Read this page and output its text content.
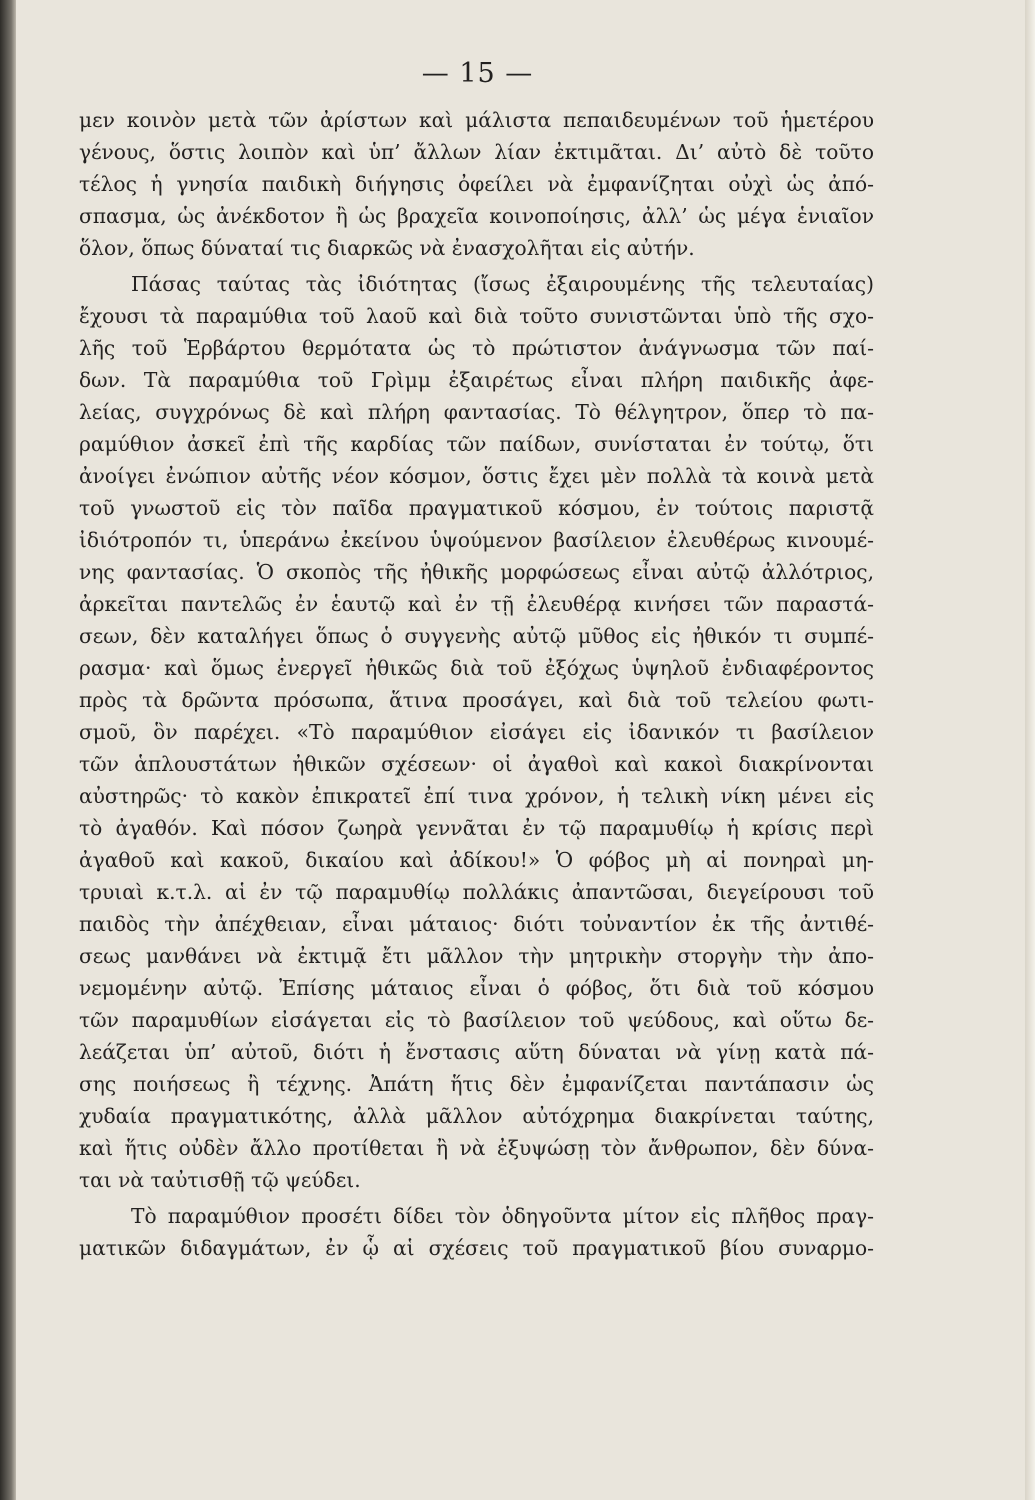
— 15 —
μεν κοινὸν μετὰ τῶν ἀρίστων καὶ μάλιστα πεπαιδευμένων τοῦ ἡμετέρου
γένους, ὅστις λοιπὸν καὶ ὑπ’ ἄλλων λίαν ἐκτιμᾶται. Δι’ αὐτὸ δὲ τοῦτο
τέλος ἡ γνησία παιδικὴ διήγησις ὀφείλει νὰ ἐμφανίζηται οὐχὶ ὡς ἀπό-
σπασμα, ὡς ἀνέκδοτον ἢ ὡς βραχεῖα κοινοποίησις, ἀλλ’ ὡς μέγα ἑνιαῖον
ὅλον, ὅπως δύναταί τις διαρκῶς νὰ ἐνασχολῆται εἰς αὐτήν.
Πάσας ταύτας τὰς ἰδιότητας (ἴσως ἐξαιρουμένης τῆς τελευταίας)
ἔχουσι τὰ παραμύθια τοῦ λαοῦ καὶ διὰ τοῦτο συνιστῶνται ὑπὸ τῆς σχο-
λῆς τοῦ Ἑρβάρτου θερμότατα ὡς τὸ πρώτιστον ἀνάγνωσμα τῶν παί-
δων. Τὰ παραμύθια τοῦ Γρὶμμ ἐξαιρέτως εἶναι πλήρη παιδικῆς ἀφε-
λείας, συγχρόνως δὲ καὶ πλήρη φαντασίας. Τὸ θέλγητρον, ὅπερ τὸ πα-
ραμύθιον ἀσκεῖ ἐπὶ τῆς καρδίας τῶν παίδων, συνίσταται ἐν τούτῳ, ὅτι
ἀνοίγει ἐνώπιον αὐτῆς νέον κόσμον, ὅστις ἔχει μὲν πολλὰ τὰ κοινὰ μετὰ
τοῦ γνωστοῦ εἰς τὸν παῖδα πραγματικοῦ κόσμου, ἐν τούτοις παριστᾷ
ἰδιότροπόν τι, ὑπεράνω ἐκείνου ὑψούμενον βασίλειον ἐλευθέρως κινουμέ-
νης φαντασίας. Ὁ σκοπὸς τῆς ἠθικῆς μορφώσεως εἶναι αὐτῷ ἀλλότριος,
ἀρκεῖται παντελῶς ἐν ἑαυτῷ καὶ ἐν τῇ ἐλευθέρᾳ κινήσει τῶν παραστά-
σεων, δὲν καταλήγει ὅπως ὁ συγγενὴς αὐτῷ μῦθος εἰς ἠθικόν τι συμπέ-
ρασμα· καὶ ὅμως ἐνεργεῖ ἠθικῶς διὰ τοῦ ἐξόχως ὑψηλοῦ ἐνδιαφέροντος
πρὸς τὰ δρῶντα πρόσωπα, ἅτινα προσάγει, καὶ διὰ τοῦ τελείου φωτι-
σμοῦ, ὃν παρέχει. «Τὸ παραμύθιον εἰσάγει εἰς ἰδανικόν τι βασίλειον
τῶν ἁπλουστάτων ἠθικῶν σχέσεων· οἱ ἀγαθοὶ καὶ κακοὶ διακρίνονται
αὐστηρῶς· τὸ κακὸν ἐπικρατεῖ ἐπί τινα χρόνον, ἡ τελικὴ νίκη μένει εἰς
τὸ ἀγαθόν. Καὶ πόσον ζωηρὰ γεννᾶται ἐν τῷ παραμυθίῳ ἡ κρίσις περὶ
ἀγαθοῦ καὶ κακοῦ, δικαίου καὶ ἀδίκου!» Ὁ φόβος μὴ αἱ πονηραὶ μη-
τρυιαὶ κ.τ.λ. αἱ ἐν τῷ παραμυθίῳ πολλάκις ἀπαντῶσαι, διεγείρουσι τοῦ
παιδὸς τὴν ἀπέχθειαν, εἶναι μάταιος· διότι τοὐναντίον ἐκ τῆς ἀντιθέ-
σεως μανθάνει νὰ ἐκτιμᾷ ἔτι μᾶλλον τὴν μητρικὴν στοργὴν τὴν ἀπο-
νεμομένην αὐτῷ. Ἐπίσης μάταιος εἶναι ὁ φόβος, ὅτι διὰ τοῦ κόσμου
τῶν παραμυθίων εἰσάγεται εἰς τὸ βασίλειον τοῦ ψεύδους, καὶ οὕτω δε-
λεάζεται ὑπ’ αὐτοῦ, διότι ἡ ἔνστασις αὕτη δύναται νὰ γίνῃ κατὰ πά-
σης ποιήσεως ἢ τέχνης. Ἀπάτη ἥτις δὲν ἐμφανίζεται παντάπασιν ὡς
χυδαία πραγματικότης, ἀλλὰ μᾶλλον αὐτόχρημα διακρίνεται ταύτης,
καὶ ἥτις οὐδὲν ἄλλο προτίθεται ἢ νὰ ἐξυψώσῃ τὸν ἄνθρωπον, δὲν δύνα-
ται νὰ ταὐτισθῇ τῷ ψεύδει.
Τὸ παραμύθιον προσέτι δίδει τὸν ὁδηγοῦντα μίτον εἰς πλῆθος πραγ-
ματικῶν διδαγμάτων, ἐν ᾧ αἱ σχέσεις τοῦ πραγματικοῦ βίου συναρμο-
